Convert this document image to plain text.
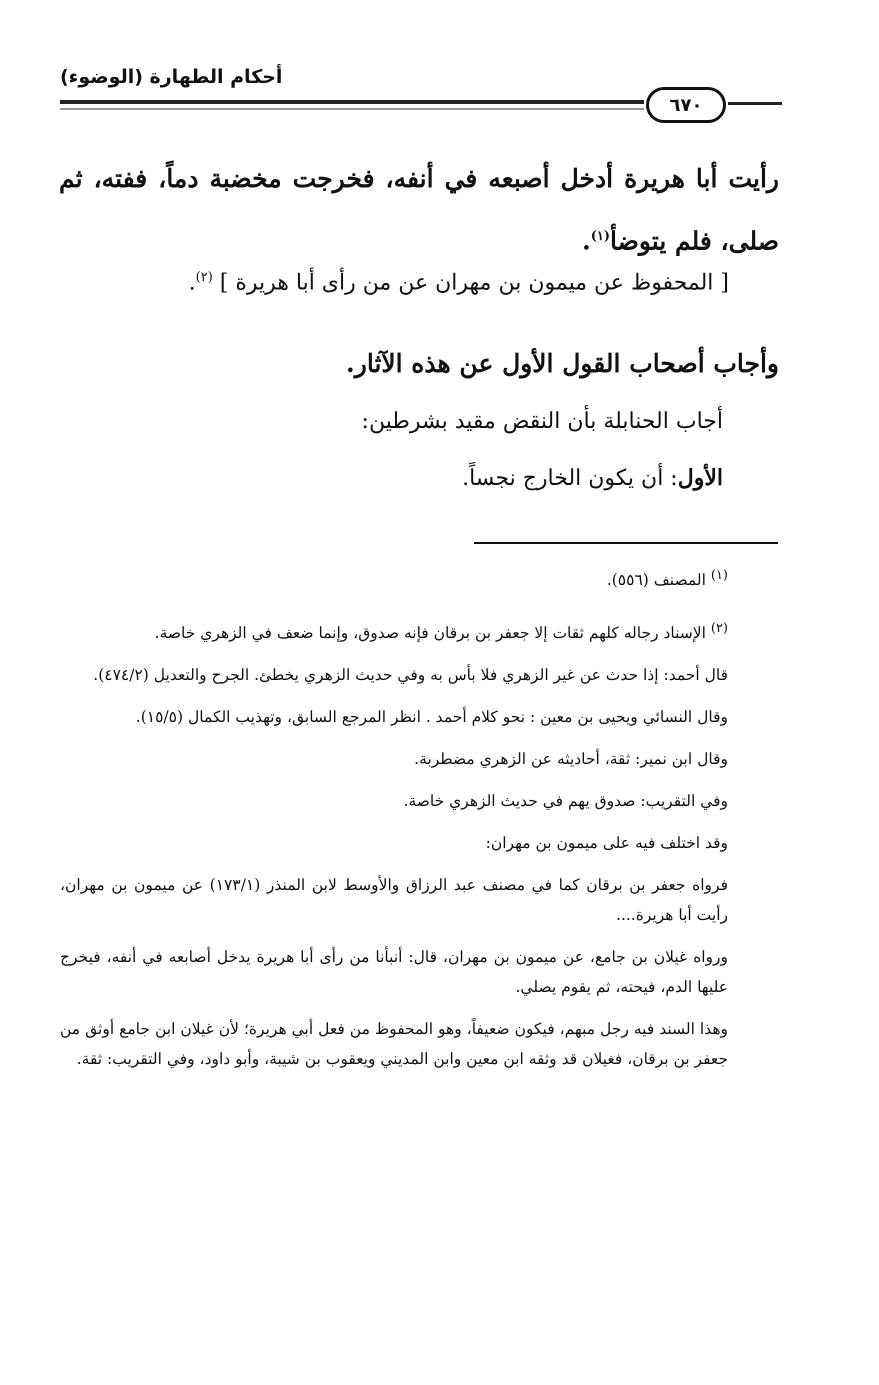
أحكام الطهارة (الوضوء)
٦٧٠
رأيت أبا هريرة أدخل أصبعه في أنفه، فخرجت مخضبة دماً، ففته، ثم صلى، فلم يتوضأ$^{(١)}$.
[ المحفوظ عن ميمون بن مهران عن من رأى أبا هريرة ] $^{(٢)}$.
وأجاب أصحاب القول الأول عن هذه الآثار.
أجاب الحنابلة بأن النقض مقيد بشرطين:
الأول: أن يكون الخارج نجساً.

$^{(١)}$ المصنف (٥٥٦).

$^{(٢)}$ الإسناد رجاله كلهم ثقات إلا جعفر بن برقان فإنه صدوق، وإنما ضعف في الزهري خاصة.

قال أحمد: إذا حدث عن غير الزهري فلا بأس به وفي حديث الزهري يخطئ. الجرح والتعديل (٤٧٤/٢).

وقال النسائي ويحيى بن معين : نحو كلام أحمد . انظر المرجع السابق، وتهذيب الكمال (١٥/٥).

وقال ابن نمير: ثقة، أحاديثه عن الزهري مضطربة.

وفي التقريب: صدوق يهم في حديث الزهري خاصة.

وقد اختلف فيه على ميمون بن مهران:

فرواه جعفر بن برقان كما في مصنف عبد الرزاق والأوسط لابن المنذر (١٧٣/١) عن ميمون بن مهران، رأيت أبا هريرة....

ورواه غيلان بن جامع، عن ميمون بن مهران، قال: أنبأنا من رأى أبا هريرة يدخل أصابعه في أنفه، فيخرج عليها الدم، فيحته، ثم يقوم يصلي.

وهذا السند فيه رجل مبهم، فيكون ضعيفاً، وهو المحفوظ من فعل أبي هريرة؛ لأن غيلان ابن جامع أوثق من جعفر بن برقان، فغيلان قد وثقه ابن معين وابن المديني ويعقوب بن شيبة، وأبو داود، وفي التقريب: ثقة.
